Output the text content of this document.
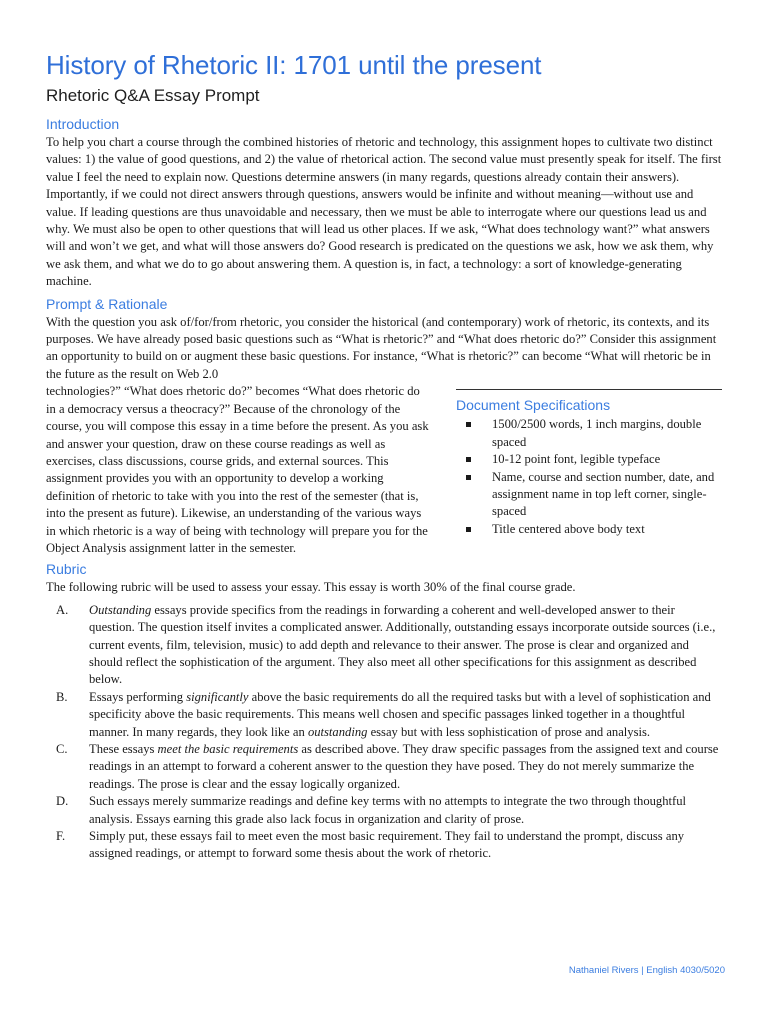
History of Rhetoric II: 1701 until the present
Rhetoric Q&A Essay Prompt
Introduction

To help you chart a course through the combined histories of rhetoric and technology, this assignment hopes to cultivate two distinct values: 1) the value of good questions, and 2) the value of rhetorical action. The second value must presently speak for itself. The first value I feel the need to explain now. Questions determine answers (in many regards, questions already contain their answers). Importantly, if we could not direct answers through questions, answers would be infinite and without meaning—without use and value. If leading questions are thus unavoidable and necessary, then we must be able to interrogate where our questions lead us and why. We must also be open to other questions that will lead us other places. If we ask, “What does technology want?” what answers will and won’t we get, and what will those answers do? Good research is predicated on the questions we ask, how we ask them, why we ask them, and what we do to go about answering them. A question is, in fact, a technology: a sort of knowledge-generating machine.

Prompt & Rationale

With the question you ask of/for/from rhetoric, you consider the historical (and contemporary) work of rhetoric, its contexts, and its purposes. We have already posed basic questions such as “What is rhetoric?” and “What does rhetoric do?” Consider this assignment an opportunity to build on or augment these basic questions. For instance, “What is rhetoric?” can become “What will rhetoric be in the future as the result on Web 2.0

technologies?” “What does rhetoric do?” becomes “What does rhetoric do in a democracy versus a theocracy?” Because of the chronology of the course, you will compose this essay in a time before the present. As you ask and answer your question, draw on these course readings as well as exercises, class discussions, course grids, and external sources. This assignment provides you with an opportunity to develop a working definition of rhetoric to take with you into the rest of the semester (that is, into the present as future). Likewise, an understanding of the various ways in which rhetoric is a way of being with technology will prepare you for the Object Analysis assignment latter in the semester.

Document Specifications
1500/2500 words, 1 inch margins, double spaced
10-12 point font, legible typeface
Name, course and section number, date, and assignment name in top left corner, single-spaced
Title centered above body text
Rubric

The following rubric will be used to assess your essay. This essay is worth 30% of the final course grade.

A.	Outstanding essays provide specifics from the readings in forwarding a coherent and well-developed answer to their question. The question itself invites a complicated answer. Additionally, outstanding essays incorporate outside sources (i.e., current events, film, television, music) to add depth and relevance to their answer. The prose is clear and organized and should reflect the sophistication of the argument. They also meet all other specifications for this assignment as described below.
B.	Essays performing significantly above the basic requirements do all the required tasks but with a level of sophistication and specificity above the basic requirements. This means well chosen and specific passages linked together in a thoughtful manner. In many regards, they look like an outstanding essay but with less sophistication of prose and analysis.
C.	These essays meet the basic requirements as described above. They draw specific passages from the assigned text and course readings in an attempt to forward a coherent answer to the question they have posed. They do not merely summarize the readings. The prose is clear and the essay logically organized.
D.	Such essays merely summarize readings and define key terms with no attempts to integrate the two through thoughtful analysis. Essays earning this grade also lack focus in organization and clarity of prose.
F.	Simply put, these essays fail to meet even the most basic requirement. They fail to understand the prompt, discuss any assigned readings, or attempt to forward some thesis about the work of rhetoric.
Nathaniel Rivers | English 4030/5020
